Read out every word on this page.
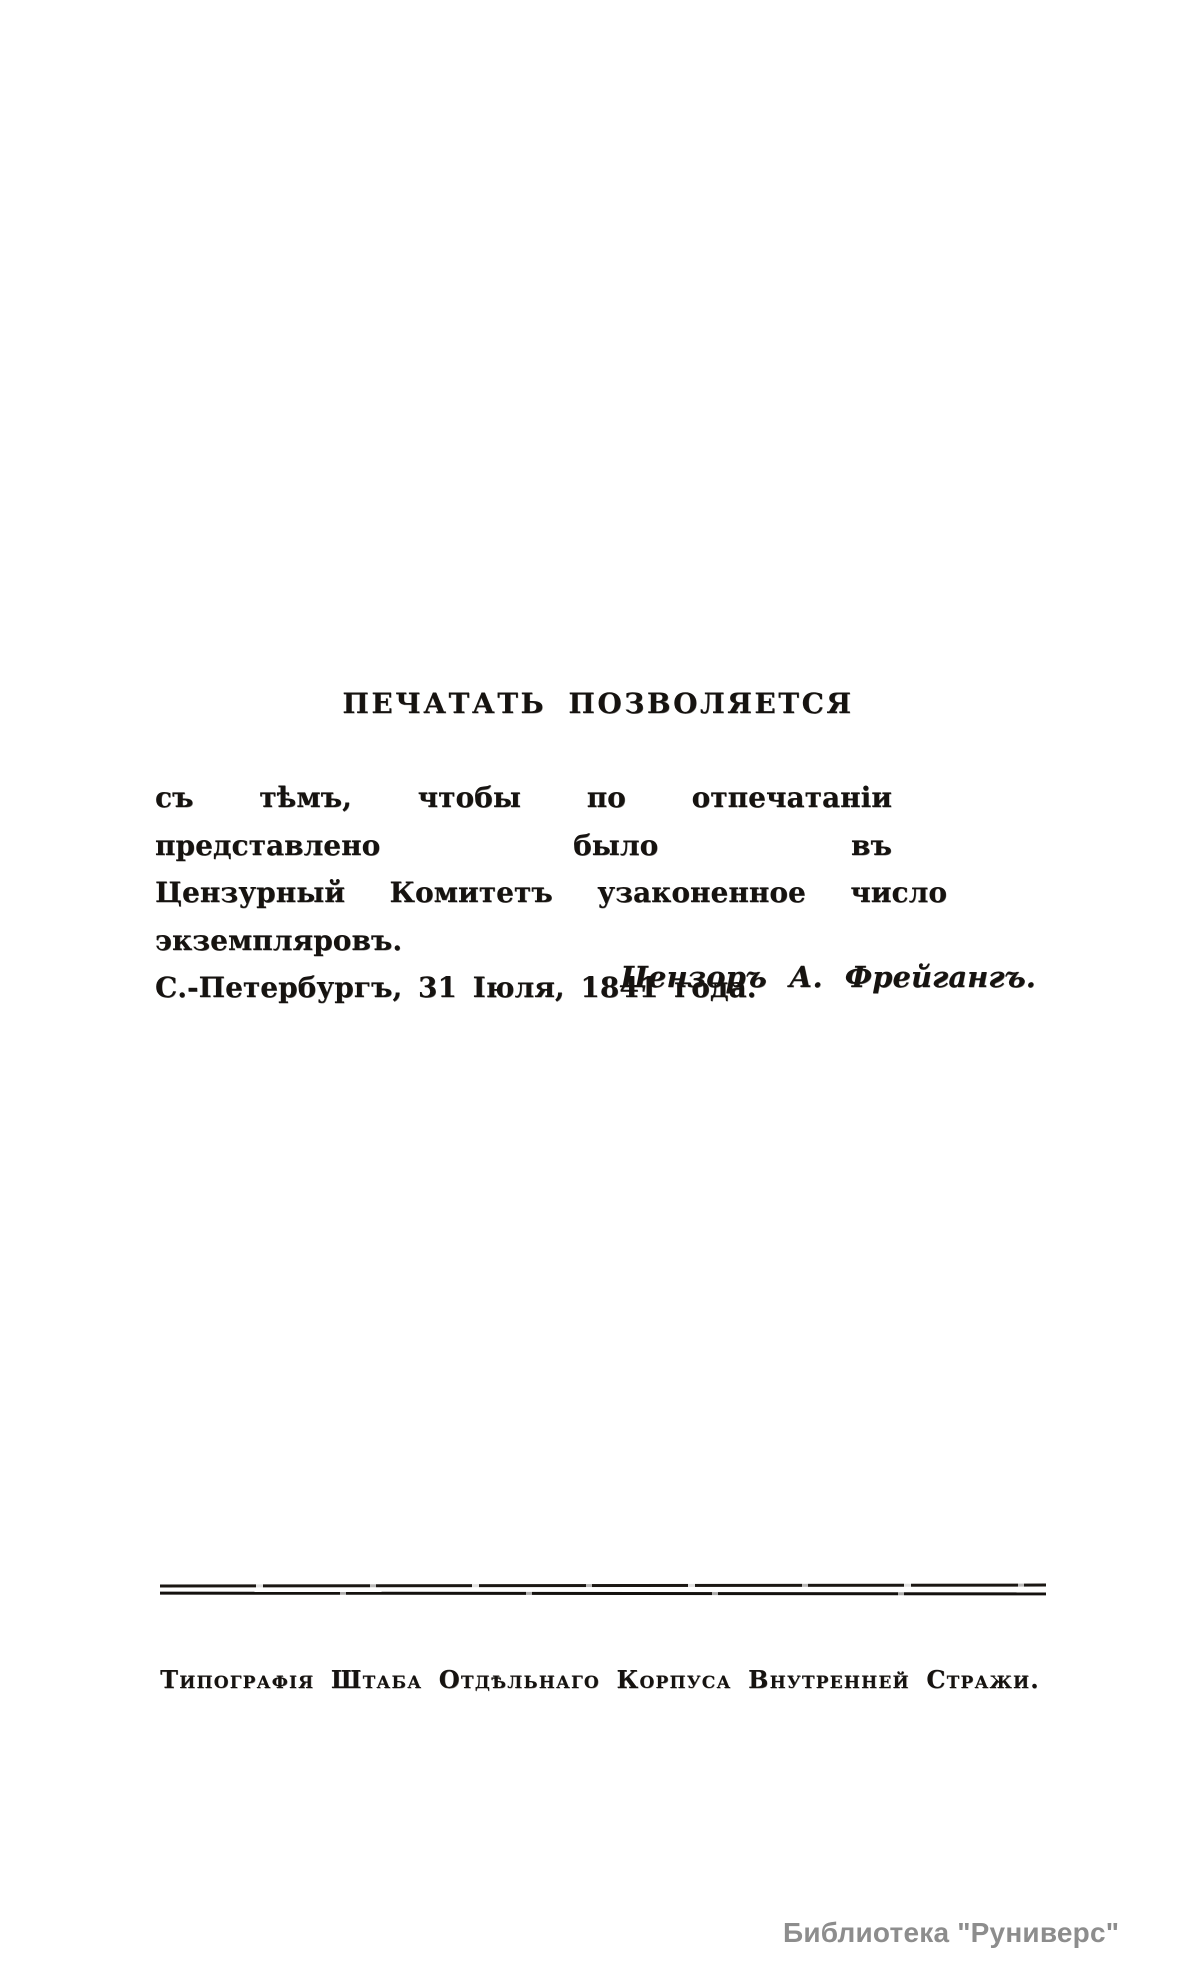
ПЕЧАТАТЬ ПОЗВОЛЯЕТСЯ
съ тѣмъ, чтобы по отпечатаніи представлено было въ
Цензурный Комитетъ узаконенное число экземпляровъ.
С.-Петербургъ, 31 Іюля, 1841 года.
Цензоръ А. Фрейгангъ.
Типографія Штаба Отдѣльнаго Корпуса Внутренней Стражи.
Библиотека "Руниверс"
